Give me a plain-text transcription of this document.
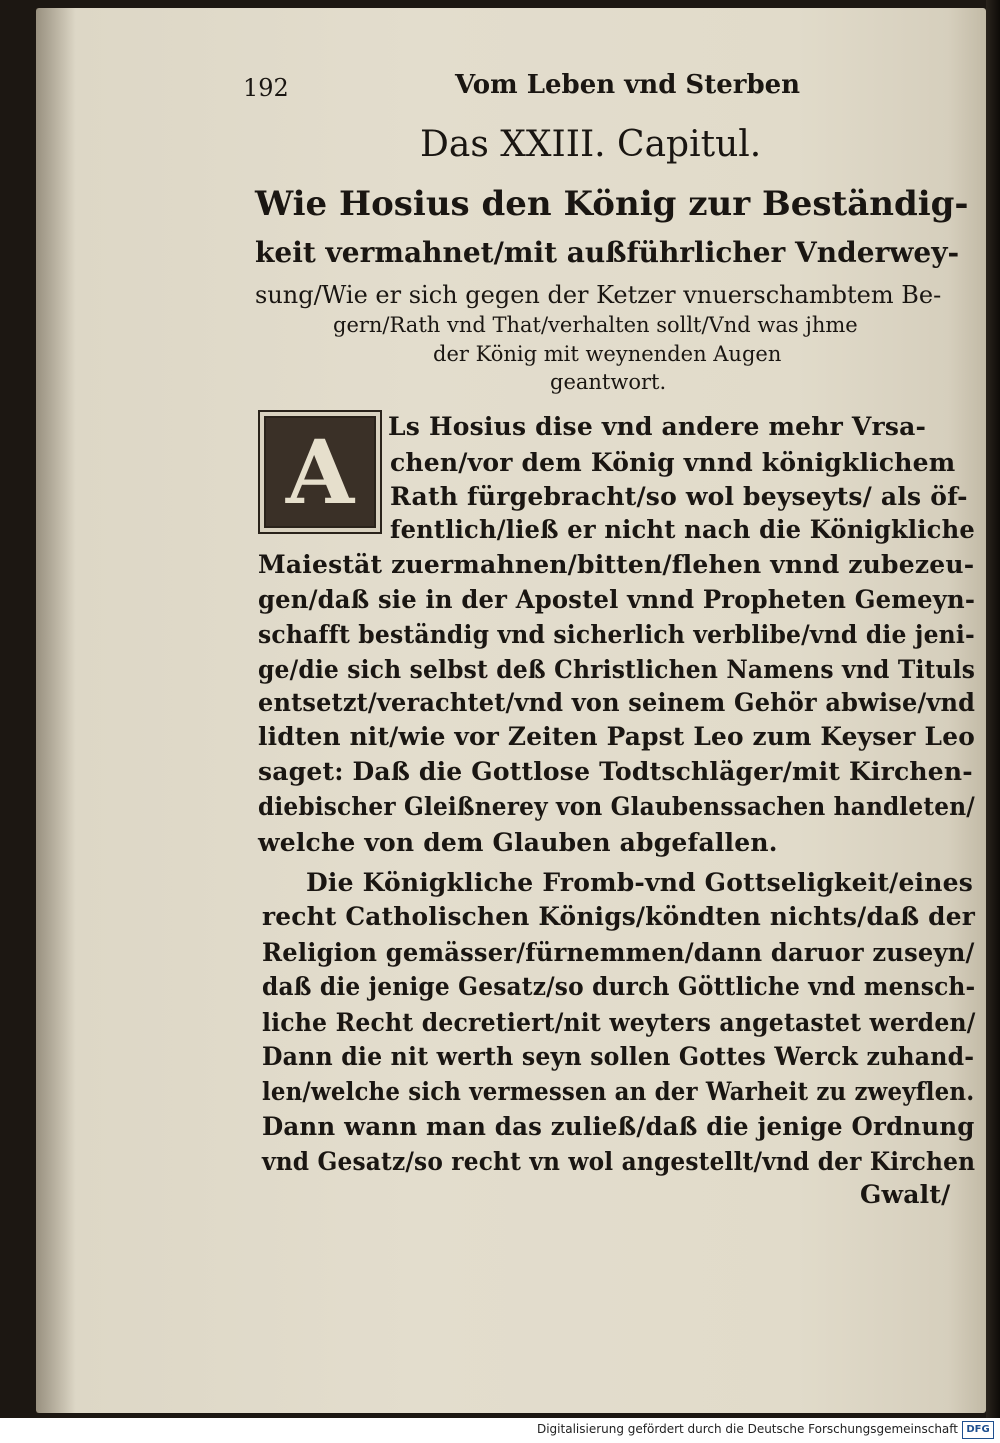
192	Vom Leben vnd Sterben
Das XXIII. Capitul.
Wie Hosius den König zur Beständig-
keit vermahnet/mit außführlicher Vnderwey-
sung/Wie er sich gegen der Ketzer vnuerschambtem Be-
gern/Rath vnd That/verhalten sollt/Vnd was jhme
der König mit weynenden Augen
geantwort.
A	Ls Hosius dise vnd andere mehr Vrsa-
chen/vor dem König vnnd königklichem
Rath fürgebracht/so wol beyseyts/ als öf-
fentlich/ließ er nicht nach die Königkliche
Maiestät zuermahnen/bitten/flehen vnnd zubezeu-
gen/daß sie in der Apostel vnnd Propheten Gemeyn-
schafft beständig vnd sicherlich verblibe/vnd die jeni-
ge/die sich selbst deß Christlichen Namens vnd Tituls
entsetzt/verachtet/vnd von seinem Gehör abwise/vnd
lidten nit/wie vor Zeiten Papst Leo zum Keyser Leo
saget: Daß die Gottlose Todtschläger/mit Kirchen-
diebischer Gleißnerey von Glaubenssachen handleten/
welche von dem Glauben abgefallen.
Die Königkliche Fromb-vnd Gottseligkeit/eines
recht Catholischen Königs/köndten nichts/daß der
Religion gemässer/fürnemmen/dann daruor zuseyn/
daß die jenige Gesatz/so durch Göttliche vnd mensch-
liche Recht decretiert/nit weyters angetastet werden/
Dann die nit werth seyn sollen Gottes Werck zuhand-
len/welche sich vermessen an der Warheit zu zweyflen.
Dann wann man das zuließ/daß die jenige Ordnung
vnd Gesatz/so recht vn wol angestellt/vnd der Kirchen
Gwalt/
Digitalisierung gefördert durch die Deutsche Forschungsgemeinschaft DFG
